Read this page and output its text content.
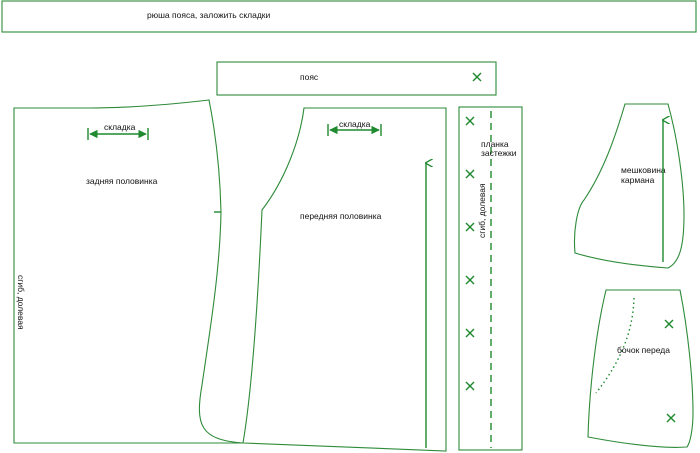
рюша пояса, заложить складки
пояс
складка
задняя половинка
сгиб, долевая
складка
передняя половинка
планка
застежки
сгиб, долевая
мешковина
кармана
бочок переда
